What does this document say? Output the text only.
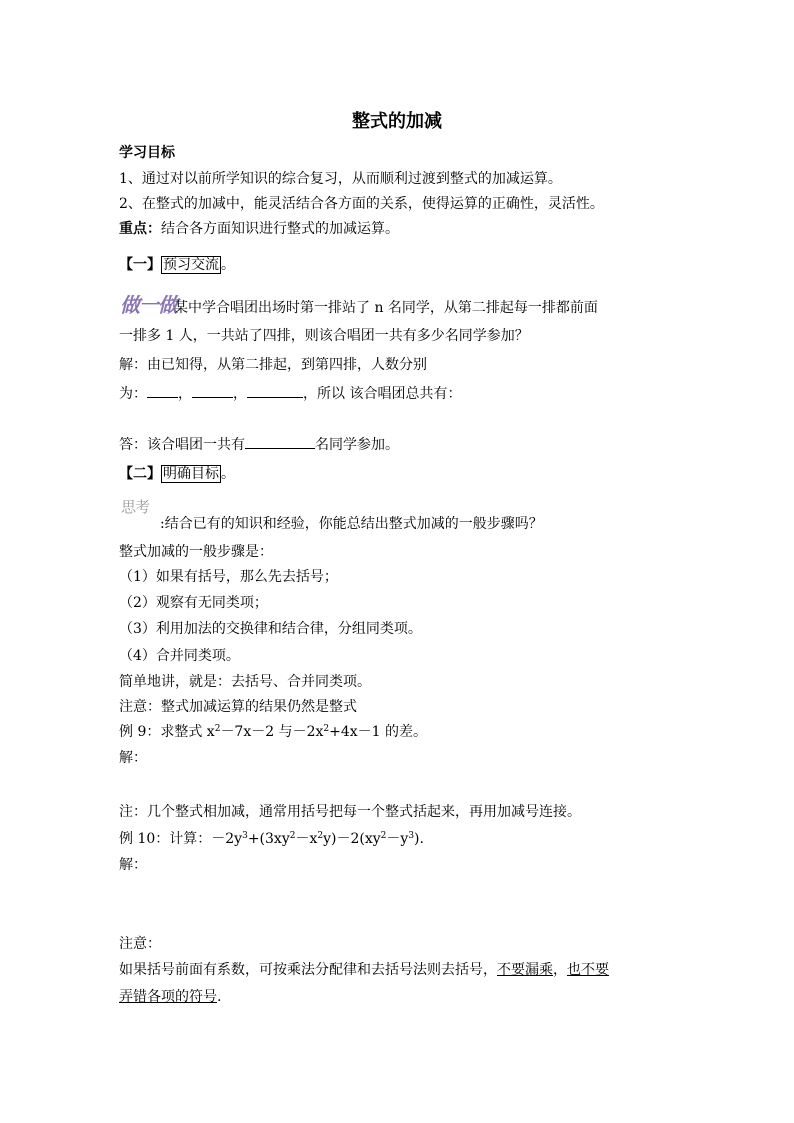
整式的加减
学习目标
1、通过对以前所学知识的综合复习，从而顺利过渡到整式的加减运算。
2、在整式的加减中，能灵活结合各方面的关系，使得运算的正确性，灵活性。
重点：结合各方面知识进行整式的加减运算。
【一】 预习交流 。
做一做
某中学合唱团出场时第一排站了 n 名同学，从第二排起每一排都前面
一排多 1 人，一共站了四排，则该合唱团一共有多少名同学参加？
解：由已知得，从第二排起，到第四排，人数分别
为： ，	，	，所以 该合唱团总共有：
答：该合唱团一共有	名同学参加。
【二】 明确目标 。
思考
:结合已有的知识和经验，你能总结出整式加减的一般步骤吗？
整式加减的一般步骤是：
（1）如果有括号，那么先去括号；
（2）观察有无同类项；
（3）利用加法的交换律和结合律，分组同类项。
（4）合并同类项。
简单地讲，就是：去括号、合并同类项。
注意：整式加减运算的结果仍然是整式
例 9：求整式 $x^2-7x-2$ 与$-2x^2+4x-1$ 的差。
解：
注：几个整式相加减，通常用括号把每一个整式括起来，再用加减号连接。
例 10：计算：$-2y^3+(3xy^2-x^2y)-2(xy^2-y^3)$.
解：
注意：
如果括号前面有系数，可按乘法分配律和去括号法则去括号，不要漏乘，也不要
弄错各项的符号.
